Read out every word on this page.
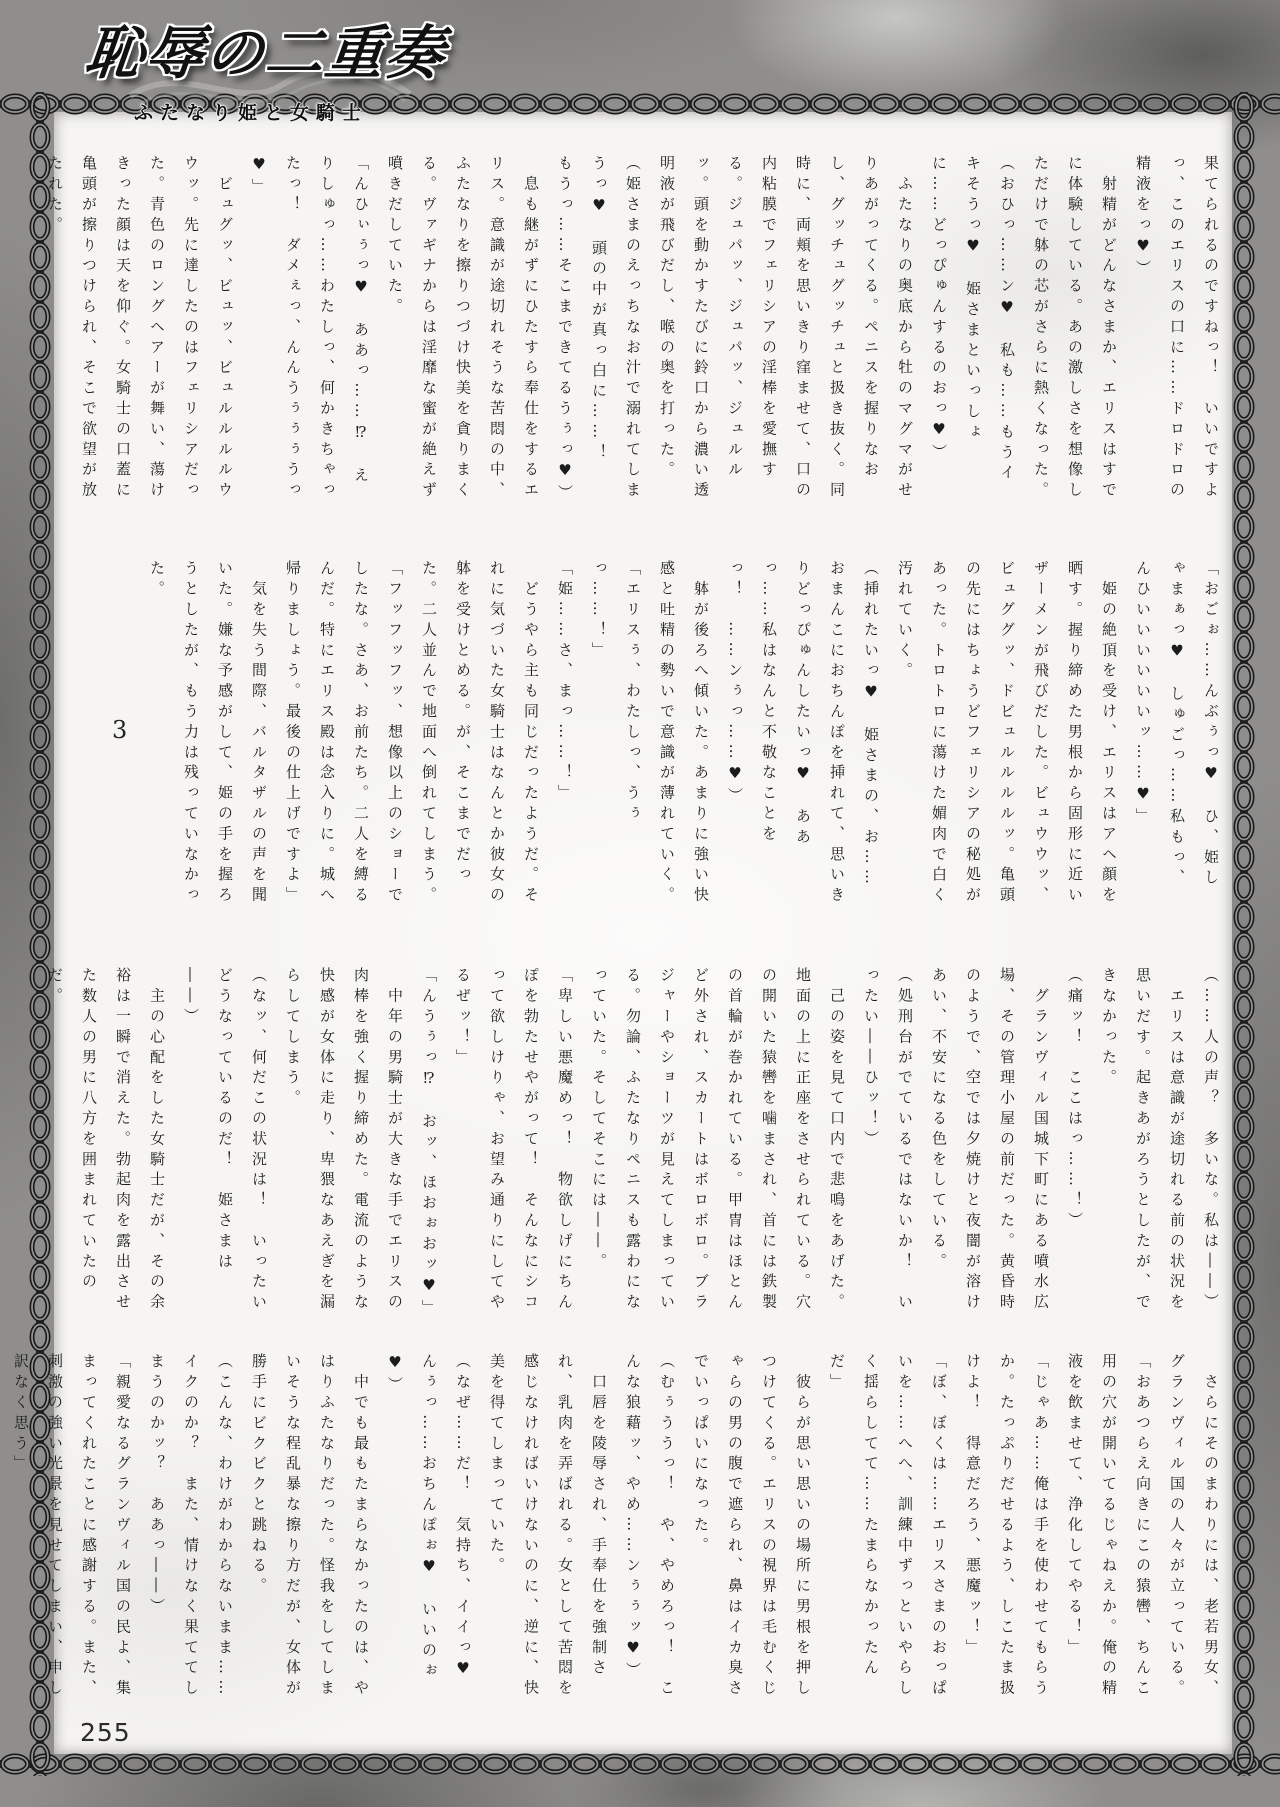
恥辱の二重奏
ふたなり姫と女騎士

果てられるのですねっ！　いいですよっ、このエリスの口に……ドロドロの精液をっ♥）

　射精がどんなさまか、エリスはすでに体験している。あの激しさを想像しただけで躰の芯がさらに熱くなった。

（おひっ……ン♥　私も……もうイキそうっ♥　姫さまといっしょに……どっぴゅんするのおっ♥）

　ふたなりの奥底から牡のマグマがせりあがってくる。ペニスを握りなおし、グッチュグッチュと扱き抜く。同時に、両頬を思いきり窪ませて、口の内粘膜でフェリシアの淫棒を愛撫する。ジュパッ、ジュパッ、ジュルルッ。頭を動かすたびに鈴口から濃い透明液が飛びだし、喉の奥を打った。

（姫さまのえっちなお汁で溺れてしまうっ♥　頭の中が真っ白に……！　もうっ……そこまできてるうぅっ♥）

　息も継がずにひたすら奉仕をするエリス。意識が途切れそうな苦悶の中、ふたなりを擦りつづけ快美を貪りまくる。ヴァギナからは淫靡な蜜が絶えず噴きだしていた。

「んひぃぅっ♥　ああっ……⁉　えりしゅっ……わたしっ、何かきちゃったっ！　ダメぇっ、んんうぅぅぅうっ♥」

　ビュグッ、ビュッ、ビュルルルルウウッ。先に達したのはフェリシアだった。青色のロングヘアーが舞い、蕩けきった顔は天を仰ぐ。女騎士の口蓋に亀頭が擦りつけられ、そこで欲望が放たれた。

「おごぉ……んぶぅっ♥　ひ、姫しゃまぁっ♥　しゅごっ……私もっ、んひいいいいいいッ……♥」

　姫の絶頂を受け、エリスはアヘ顔を晒す。握り締めた男根から固形に近いザーメンが飛びだした。ビュウウッ、ビュググッ、ドビュルルルルッ。亀頭の先にはちょうどフェリシアの秘処があった。トロトロに蕩けた媚肉で白く汚れていく。

（挿れたいっ♥　姫さまの、お……おまんこにおちんぽを挿れて、思いきりどっぴゅんしたいっ♥　ああっ……私はなんと不敬なことをっ！　……ンぅっ……♥）

　躰が後ろへ傾いた。あまりに強い快感と吐精の勢いで意識が薄れていく。

「エリスぅ、わたしっ、うぅっ……！」

「姫……さ、まっ……！」

　どうやら主も同じだったようだ。それに気づいた女騎士はなんとか彼女の躰を受けとめる。が、そこまでだった。二人並んで地面へ倒れてしまう。

「フッフッフッ、想像以上のショーでしたな。さあ、お前たち。二人を縛るんだ。特にエリス殿は念入りに。城へ帰りましょう。最後の仕上げですよ」

　気を失う間際、バルタザルの声を聞いた。嫌な予感がして、姫の手を握ろうとしたが、もう力は残っていなかった。

（……人の声？　多いな。私は――）

　エリスは意識が途切れる前の状況を思いだす。起きあがろうとしたが、できなかった。

（痛ッ！　ここはっ……！）

　グランヴィル国城下町にある噴水広場、その管理小屋の前だった。黄昏時のようで、空では夕焼けと夜闇が溶けあい、不安になる色をしている。

（処刑台がでているではないか！　いったい――ひッ！）

　己の姿を見て口内で悲鳴をあげた。地面の上に正座をさせられている。穴の開いた猿轡を噛まされ、首には鉄製の首輪が巻かれている。甲冑はほとんど外され、スカートはボロボロ。ブラジャーやショーツが見えてしまっている。勿論、ふたなりペニスも露わになっていた。そしてそこには――。

「卑しい悪魔めっ！　物欲しげにちんぽを勃たせやがって！　そんなにシコって欲しけりゃ、お望み通りにしてやるぜッ！」

「んうぅっ⁉　おッ、ほおぉおッ♥」

　中年の男騎士が大きな手でエリスの肉棒を強く握り締めた。電流のような快感が女体に走り、卑猥なあえぎを漏らしてしまう。

（なッ、何だこの状況は！　いったいどうなっているのだ！　姫さまは――）

　主の心配をした女騎士だが、その余裕は一瞬で消えた。勃起肉を露出させた数人の男に八方を囲まれていたのだ。

　さらにそのまわりには、老若男女、グランヴィル国の人々が立っている。

「おあつらえ向きにこの猿轡、ちんこ用の穴が開いてるじゃねえか。俺の精液を飲ませて、浄化してやる！」

「じゃあ……俺は手を使わせてもらうか。たっぷりだせるよう、しこたま扱けよ！　得意だろう、悪魔ッ！」

「ぼ、ぼくは……エリスさまのおっぱいを……へへ、訓練中ずっといやらしく揺らしてて……たまらなかったんだ」

　彼らが思い思いの場所に男根を押しつけてくる。エリスの視界は毛むくじゃらの男の腹で遮られ、鼻はイカ臭さでいっぱいになった。

（むぅううっ！　や、やめろっ！　こんな狼藉ッ、やめ……ンぅぅッ♥）

　口唇を陵辱され、手奉仕を強制され、乳肉を弄ばれる。女として苦悶を感じなければいけないのに、逆に、快美を得てしまっていた。

（なぜ……だ！　気持ち、イイっ♥　んぅっ……おちんぽぉ♥　いいのぉ♥）

　中でも最もたまらなかったのは、やはりふたなりだった。怪我をしてしまいそうな程乱暴な擦り方だが、女体が勝手にビクビクと跳ねる。

（こんな、わけがわからないまま……イクのか？　また、情けなく果ててしまうのかッ？　ああっ――）

「親愛なるグランヴィル国の民よ、集まってくれたことに感謝する。また、刺激の強い光景を見せてしまい、申し訳なく思う」

3
255
